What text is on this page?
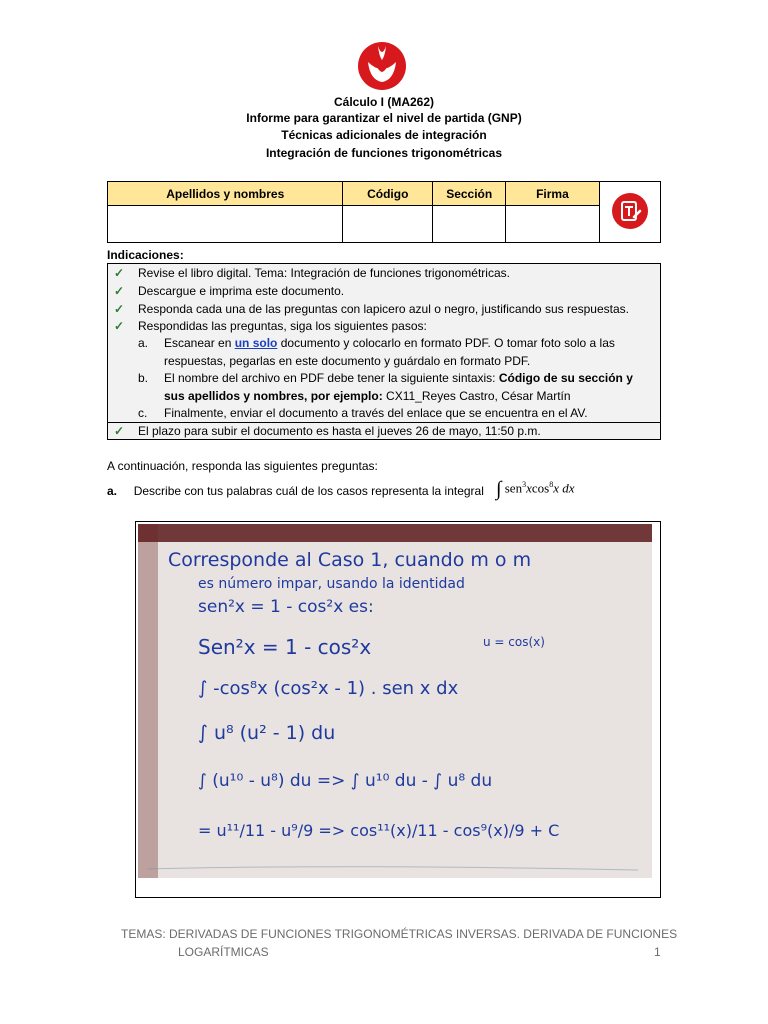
Cálculo I (MA262)
Informe para garantizar el nivel de partida (GNP)
Técnicas adicionales de integración
Integración de funciones trigonométricas
Apellidos y nombres	Código	Sección	Firma	

Indicaciones:
✓ Revise el libro digital. Tema: Integración de funciones trigonométricas.
✓ Descargue e imprima este documento.
✓ Responda cada una de las preguntas con lapicero azul o negro, justificando sus respuestas.
✓ Respondidas las preguntas, siga los siguientes pasos:
a.	Escanear en un solo documento y colocarlo en formato PDF. O tomar foto solo a las
respuestas, pegarlas en este documento y guárdalo en formato PDF.
b.	El nombre del archivo en PDF debe tener la siguiente sintaxis: Código de su sección y
sus apellidos y nombres, por ejemplo: CX11_Reyes Castro, César Martín
c.	Finalmente, enviar el documento a través del enlace que se encuentra en el AV.
✓ El plazo para subir el documento es hasta el jueves 26 de mayo, 11:50 p.m.
A continuación, responda las siguientes preguntas:
a. Describe con tus palabras cuál de los casos representa la integral ∫ sen$^3$xcos$^8$x dx
Corresponde al Caso 1, cuando m o m
es número impar, usando la identidad
sen²x = 1 - cos²x es:
Sen²x = 1 - cos²x	u = cos(x)
∫ -cos⁸x (cos²x - 1) . sen x dx
∫ u⁸ (u² - 1) du
∫ (u¹⁰ - u⁸) du => ∫ u¹⁰ du - ∫ u⁸ du
= u¹¹/11 - u⁹/9 => cos¹¹(x)/11 - cos⁹(x)/9 + C
TEMAS: DERIVADAS DE FUNCIONES TRIGONOMÉTRICAS INVERSAS. DERIVADA DE FUNCIONES
LOGARÍTMICAS	1
